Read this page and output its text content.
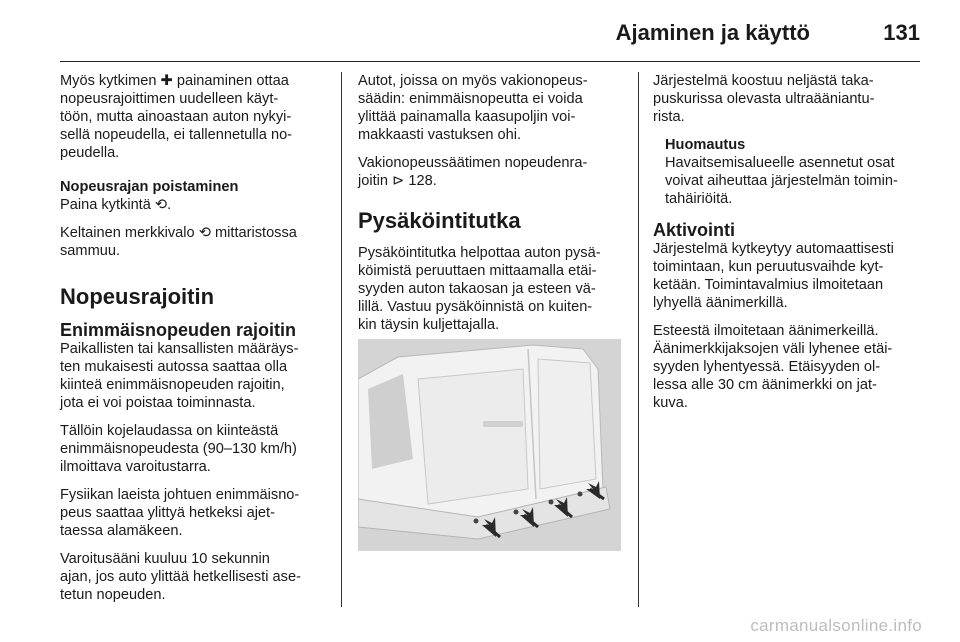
Ajaminen ja käyttö	131

Myös kytkimen ✚ painaminen ottaa
nopeusrajoittimen uudelleen käyt-
töön, mutta ainoastaan auton nykyi-
sellä nopeudella, ei tallennetulla no-
peudella.

Nopeusrajan poistaminen

Paina kytkintä ⟲.

Keltainen merkkivalo ⟲ mittaristossa
sammuu.

Nopeusrajoitin
Enimmäisnopeuden rajoitin

Paikallisten tai kansallisten määräys-
ten mukaisesti autossa saattaa olla
kiinteä enimmäisnopeuden rajoitin,
jota ei voi poistaa toiminnasta.

Tällöin kojelaudassa on kiinteästä
enimmäisnopeudesta (90–130 km/h)
ilmoittava varoitustarra.

Fysiikan laeista johtuen enimmäisno-
peus saattaa ylittyä hetkeksi ajet-
taessa alamäkeen.

Varoitusääni kuuluu 10 sekunnin
ajan, jos auto ylittää hetkellisesti ase-
tetun nopeuden.

Autot, joissa on myös vakionopeus-
säädin: enimmäisnopeutta ei voida
ylittää painamalla kaasupoljin voi-
makkaasti vastuksen ohi.

Vakionopeussäätimen nopeudenra-
joitin ⊳ 128.

Pysäköintitutka

Pysäköintitutka helpottaa auton pysä-
köimistä peruuttaen mittaamalla etäi-
syyden auton takaosan ja esteen vä-
lillä. Vastuu pysäköinnistä on kuiten-
kin täysin kuljettajalla.

Järjestelmä koostuu neljästä taka-
puskurissa olevasta ultraääniantu-
rista.

Huomautus

Havaitsemisalueelle asennetut osat
voivat aiheuttaa järjestelmän toimin-
tahäiriöitä.

Aktivointi

Järjestelmä kytkeytyy automaattisesti
toimintaan, kun peruutusvaihde kyt-
ketään. Toimintavalmius ilmoitetaan
lyhyellä äänimerkillä.

Esteestä ilmoitetaan äänimerkeillä.
Äänimerkkijaksojen väli lyhenee etäi-
syyden lyhentyessä. Etäisyyden ol-
lessa alle 30 cm äänimerkki on jat-
kuva.

carmanualsonline.info
